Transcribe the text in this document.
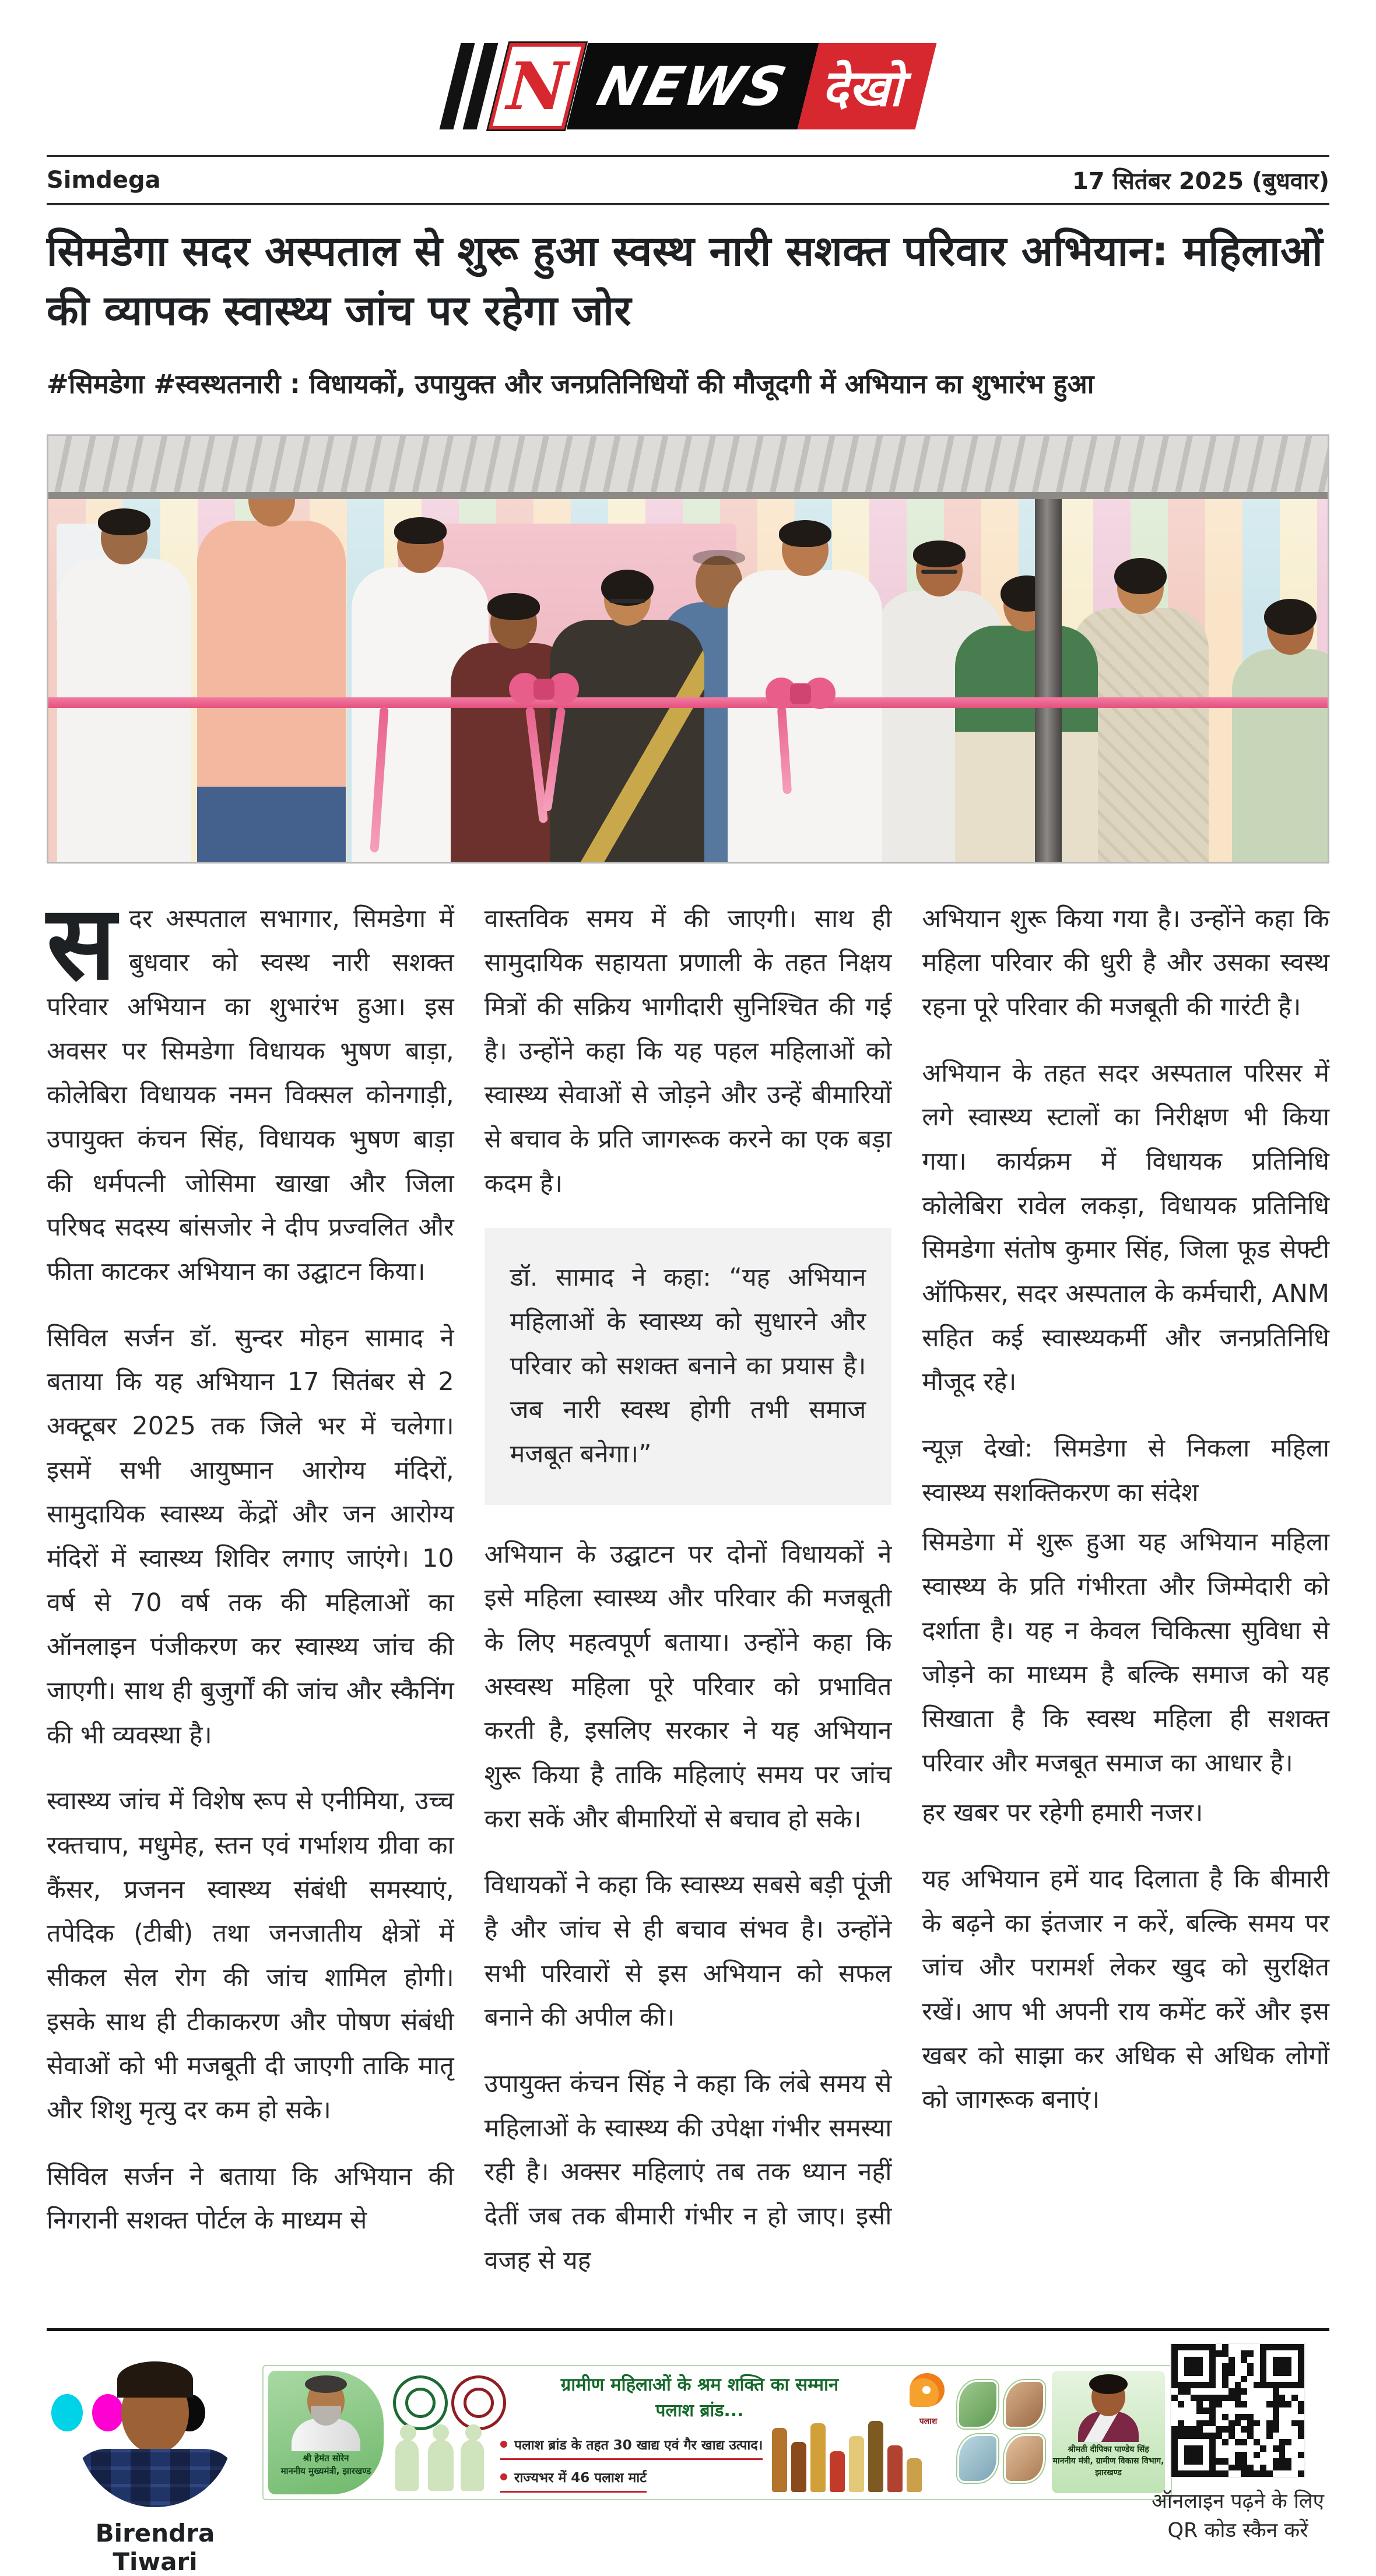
N NEWS देखो
Simdega	17 सितंबर 2025 (बुधवार)
सिमडेगा सदर अस्पताल से शुरू हुआ स्वस्थ नारी सशक्त परिवार अभियान: महिलाओं की व्यापक स्वास्थ्य जांच पर रहेगा जोर
#सिमडेगा #स्वस्थतनारी : विधायकों, उपायुक्त और जनप्रतिनिधियों की मौजूदगी में अभियान का शुभारंभ हुआ

सदर अस्पताल सभागार, सिमडेगा में बुधवार को स्वस्थ नारी सशक्त परिवार अभियान का शुभारंभ हुआ। इस अवसर पर सिमडेगा विधायक भुषण बाड़ा, कोलेबिरा विधायक नमन विक्सल कोनगाड़ी, उपायुक्त कंचन सिंह, विधायक भुषण बाड़ा की धर्मपत्नी जोसिमा खाखा और जिला परिषद सदस्य बांसजोर ने दीप प्रज्वलित और फीता काटकर अभियान का उद्घाटन किया।

सिविल सर्जन डॉ. सुन्दर मोहन सामाद ने बताया कि यह अभियान 17 सितंबर से 2 अक्टूबर 2025 तक जिले भर में चलेगा। इसमें सभी आयुष्मान आरोग्य मंदिरों, सामुदायिक स्वास्थ्य केंद्रों और जन आरोग्य मंदिरों में स्वास्थ्य शिविर लगाए जाएंगे। 10 वर्ष से 70 वर्ष तक की महिलाओं का ऑनलाइन पंजीकरण कर स्वास्थ्य जांच की जाएगी। साथ ही बुजुर्गों की जांच और स्कैनिंग की भी व्यवस्था है।

स्वास्थ्य जांच में विशेष रूप से एनीमिया, उच्च रक्तचाप, मधुमेह, स्तन एवं गर्भाशय ग्रीवा का कैंसर, प्रजनन स्वास्थ्य संबंधी समस्याएं, तपेदिक (टीबी) तथा जनजातीय क्षेत्रों में सीकल सेल रोग की जांच शामिल होगी। इसके साथ ही टीकाकरण और पोषण संबंधी सेवाओं को भी मजबूती दी जाएगी ताकि मातृ और शिशु मृत्यु दर कम हो सके।

सिविल सर्जन ने बताया कि अभियान की निगरानी सशक्त पोर्टल के माध्यम से

वास्तविक समय में की जाएगी। साथ ही सामुदायिक सहायता प्रणाली के तहत निक्षय मित्रों की सक्रिय भागीदारी सुनिश्चित की गई है। उन्होंने कहा कि यह पहल महिलाओं को स्वास्थ्य सेवाओं से जोड़ने और उन्हें बीमारियों से बचाव के प्रति जागरूक करने का एक बड़ा कदम है।

डॉ. सामाद ने कहा: “यह अभियान महिलाओं के स्वास्थ्य को सुधारने और परिवार को सशक्त बनाने का प्रयास है। जब नारी स्वस्थ होगी तभी समाज मजबूत बनेगा।”

अभियान के उद्घाटन पर दोनों विधायकों ने इसे महिला स्वास्थ्य और परिवार की मजबूती के लिए महत्वपूर्ण बताया। उन्होंने कहा कि अस्वस्थ महिला पूरे परिवार को प्रभावित करती है, इसलिए सरकार ने यह अभियान शुरू किया है ताकि महिलाएं समय पर जांच करा सकें और बीमारियों से बचाव हो सके।

विधायकों ने कहा कि स्वास्थ्य सबसे बड़ी पूंजी है और जांच से ही बचाव संभव है। उन्होंने सभी परिवारों से इस अभियान को सफल बनाने की अपील की।

उपायुक्त कंचन सिंह ने कहा कि लंबे समय से महिलाओं के स्वास्थ्य की उपेक्षा गंभीर समस्या रही है। अक्सर महिलाएं तब तक ध्यान नहीं देतीं जब तक बीमारी गंभीर न हो जाए। इसी वजह से यह

अभियान शुरू किया गया है। उन्होंने कहा कि महिला परिवार की धुरी है और उसका स्वस्थ रहना पूरे परिवार की मजबूती की गारंटी है।

अभियान के तहत सदर अस्पताल परिसर में लगे स्वास्थ्य स्टालों का निरीक्षण भी किया गया। कार्यक्रम में विधायक प्रतिनिधि कोलेबिरा रावेल लकड़ा, विधायक प्रतिनिधि सिमडेगा संतोष कुमार सिंह, जिला फूड सेफ्टी ऑफिसर, सदर अस्पताल के कर्मचारी, ANM सहित कई स्वास्थ्यकर्मी और जनप्रतिनिधि मौजूद रहे।

न्यूज़ देखो: सिमडेगा से निकला महिला स्वास्थ्य सशक्तिकरण का संदेश

सिमडेगा में शुरू हुआ यह अभियान महिला स्वास्थ्य के प्रति गंभीरता और जिम्मेदारी को दर्शाता है। यह न केवल चिकित्सा सुविधा से जोड़ने का माध्यम है बल्कि समाज को यह सिखाता है कि स्वस्थ महिला ही सशक्त परिवार और मजबूत समाज का आधार है।

हर खबर पर रहेगी हमारी नजर।

यह अभियान हमें याद दिलाता है कि बीमारी के बढ़ने का इंतजार न करें, बल्कि समय पर जांच और परामर्श लेकर खुद को सुरक्षित रखें। आप भी अपनी राय कमेंट करें और इस खबर को साझा कर अधिक से अधिक लोगों को जागरूक बनाएं।

Birendra Tiwari
श्री हेमंत सोरेन
माननीय मुख्यमंत्री, झारखण्ड
ग्रामीण महिलाओं के श्रम शक्ति का सम्मान
पलाश ब्रांड...
पलाश ब्रांड के तहत 30 खाद्य एवं गैर खाद्य उत्पाद।
राज्यभर में 46 पलाश मार्ट
पलाश
श्रीमती दीपिका पाण्डेय सिंह
माननीय मंत्री, ग्रामीण विकास विभाग, झारखण्ड
ऑनलाइन पढ़ने के लिए
QR कोड स्कैन करें
